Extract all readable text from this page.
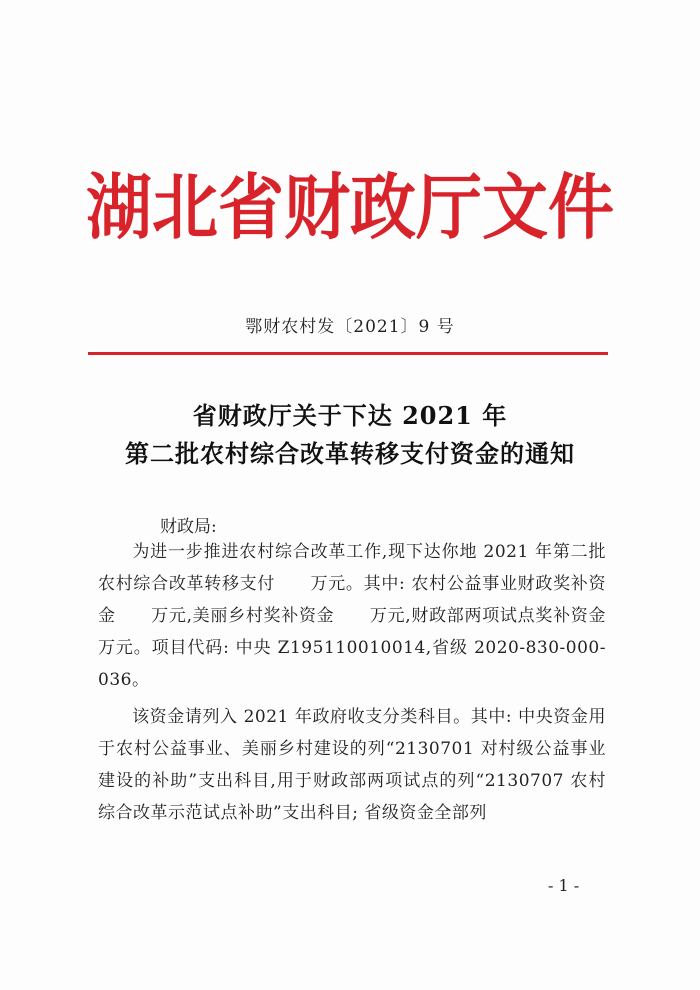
湖北省财政厅文件
鄂财农村发〔2021〕9 号
省财政厅关于下达 2021 年
第二批农村综合改革转移支付资金的通知
财政局:
为进一步推进农村综合改革工作,现下达你地 2021 年第二批农村综合改革转移支付　　万元。其中: 农村公益事业财政奖补资金　　万元,美丽乡村奖补资金　　万元,财政部两项试点奖补资金　　万元。项目代码: 中央 Z195110010014,省级 2020-830-000-036。
该资金请列入 2021 年政府收支分类科目。其中: 中央资金用于农村公益事业、美丽乡村建设的列“2130701 对村级公益事业建设的补助”支出科目,用于财政部两项试点的列“2130707 农村综合改革示范试点补助”支出科目; 省级资金全部列
- 1 -
